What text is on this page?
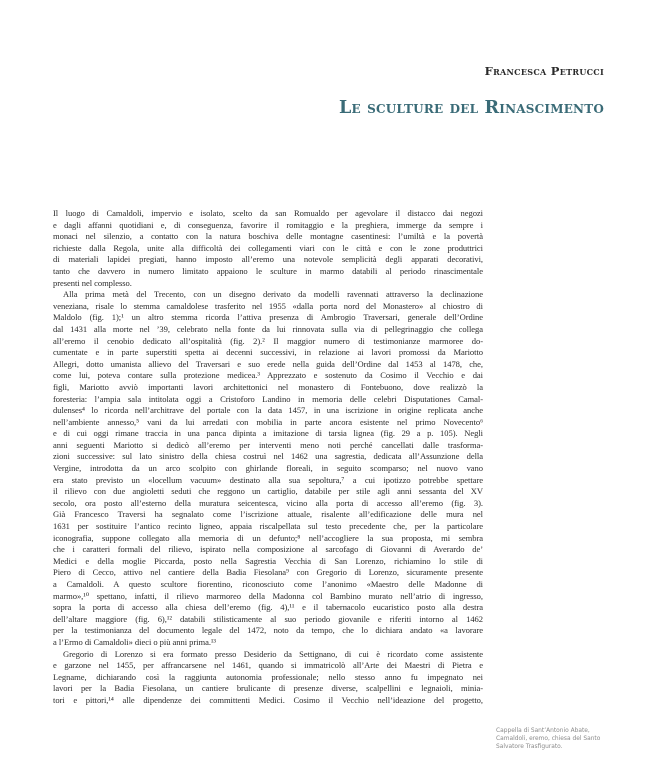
Francesca Petrucci
Le sculture del Rinascimento
Il luogo di Camaldoli, impervio e isolato, scelto da san Romualdo per agevolare il distacco dai negozi
e dagli affanni quotidiani e, di conseguenza, favorire il romitaggio e la preghiera, immerge da sempre i
monaci nel silenzio, a contatto con la natura boschiva delle montagne casentinesi: l’umiltà e la povertà
richieste dalla Regola, unite alla difficoltà dei collegamenti viari con le città e con le zone produttrici
di materiali lapidei pregiati, hanno imposto all’eremo una notevole semplicità degli apparati decorativi,
tanto che davvero in numero limitato appaiono le sculture in marmo databili al periodo rinascimentale
presenti nel complesso.
Alla prima metà del Trecento, con un disegno derivato da modelli ravennati attraverso la declinazione
veneziana, risale lo stemma camaldolese trasferito nel 1955 «dalla porta nord del Monastero» al chiostro di
Maldolo (fig. 1);¹ un altro stemma ricorda l’attiva presenza di Ambrogio Traversari, generale dell’Ordine
dal 1431 alla morte nel ’39, celebrato nella fonte da lui rinnovata sulla via di pellegrinaggio che collega
all’eremo il cenobio dedicato all’ospitalità (fig. 2).² Il maggior numero di testimonianze marmoree do-
cumentate e in parte superstiti spetta ai decenni successivi, in relazione ai lavori promossi da Mariotto
Allegri, dotto umanista allievo del Traversari e suo erede nella guida dell’Ordine dal 1453 al 1478, che,
come lui, poteva contare sulla protezione medicea.³ Apprezzato e sostenuto da Cosimo il Vecchio e dai
figli, Mariotto avviò importanti lavori architettonici nel monastero di Fontebuono, dove realizzò la
foresteria: l’ampia sala intitolata oggi a Cristoforo Landino in memoria delle celebri Disputationes Camal-
dulenses⁴ lo ricorda nell’architrave del portale con la data 1457, in una iscrizione in origine replicata anche
nell’ambiente annesso,⁵ vani da lui arredati con mobilia in parte ancora esistente nel primo Novecento⁶
e di cui oggi rimane traccia in una panca dipinta a imitazione di tarsia lignea (fig. 29 a p. 105). Negli
anni seguenti Mariotto si dedicò all’eremo per interventi meno noti perché cancellati dalle trasforma-
zioni successive: sul lato sinistro della chiesa costruì nel 1462 una sagrestia, dedicata all’Assunzione della
Vergine, introdotta da un arco scolpito con ghirlande floreali, in seguito scomparso; nel nuovo vano
era stato previsto un «locellum vacuum» destinato alla sua sepoltura,⁷ a cui ipotizzo potrebbe spettare
il rilievo con due angioletti seduti che reggono un cartiglio, databile per stile agli anni sessanta del XV
secolo, ora posto all’esterno della muratura seicentesca, vicino alla porta di accesso all’eremo (fig. 3).
Già Francesco Traversi ha segnalato come l’iscrizione attuale, risalente all’edificazione delle mura nel
1631 per sostituire l’antico recinto ligneo, appaia riscalpellata sul testo precedente che, per la particolare
iconografia, suppone collegato alla memoria di un defunto;⁸ nell’accogliere la sua proposta, mi sembra
che i caratteri formali del rilievo, ispirato nella composizione al sarcofago di Giovanni di Averardo de’
Medici e della moglie Piccarda, posto nella Sagrestia Vecchia di San Lorenzo, richiamino lo stile di
Piero di Cecco, attivo nel cantiere della Badia Fiesolana⁹ con Gregorio di Lorenzo, sicuramente presente
a Camaldoli. A questo scultore fiorentino, riconosciuto come l’anonimo «Maestro delle Madonne di
marmo»,¹⁰ spettano, infatti, il rilievo marmoreo della Madonna col Bambino murato nell’atrio di ingresso,
sopra la porta di accesso alla chiesa dell’eremo (fig. 4),¹¹ e il tabernacolo eucaristico posto alla destra
dell’altare maggiore (fig. 6),¹² databili stilisticamente al suo periodo giovanile e riferiti intorno al 1462
per la testimonianza del documento legale del 1472, noto da tempo, che lo dichiara andato «a lavorare
a l’Ermo di Camaldoli» dieci o più anni prima.¹³
Gregorio di Lorenzo si era formato presso Desiderio da Settignano, di cui è ricordato come assistente
e garzone nel 1455, per affrancarsene nel 1461, quando si immatricolò all’Arte dei Maestri di Pietra e
Legname, dichiarando così la raggiunta autonomia professionale; nello stesso anno fu impegnato nei
lavori per la Badia Fiesolana, un cantiere brulicante di presenze diverse, scalpellini e legnaioli, minia-
tori e pittori,¹⁴ alle dipendenze dei committenti Medici. Cosimo il Vecchio nell’ideazione del progetto,
Cappella di Sant’Antonio Abate,
Camaldoli, eremo, chiesa del Santo
Salvatore Trasfigurato.
